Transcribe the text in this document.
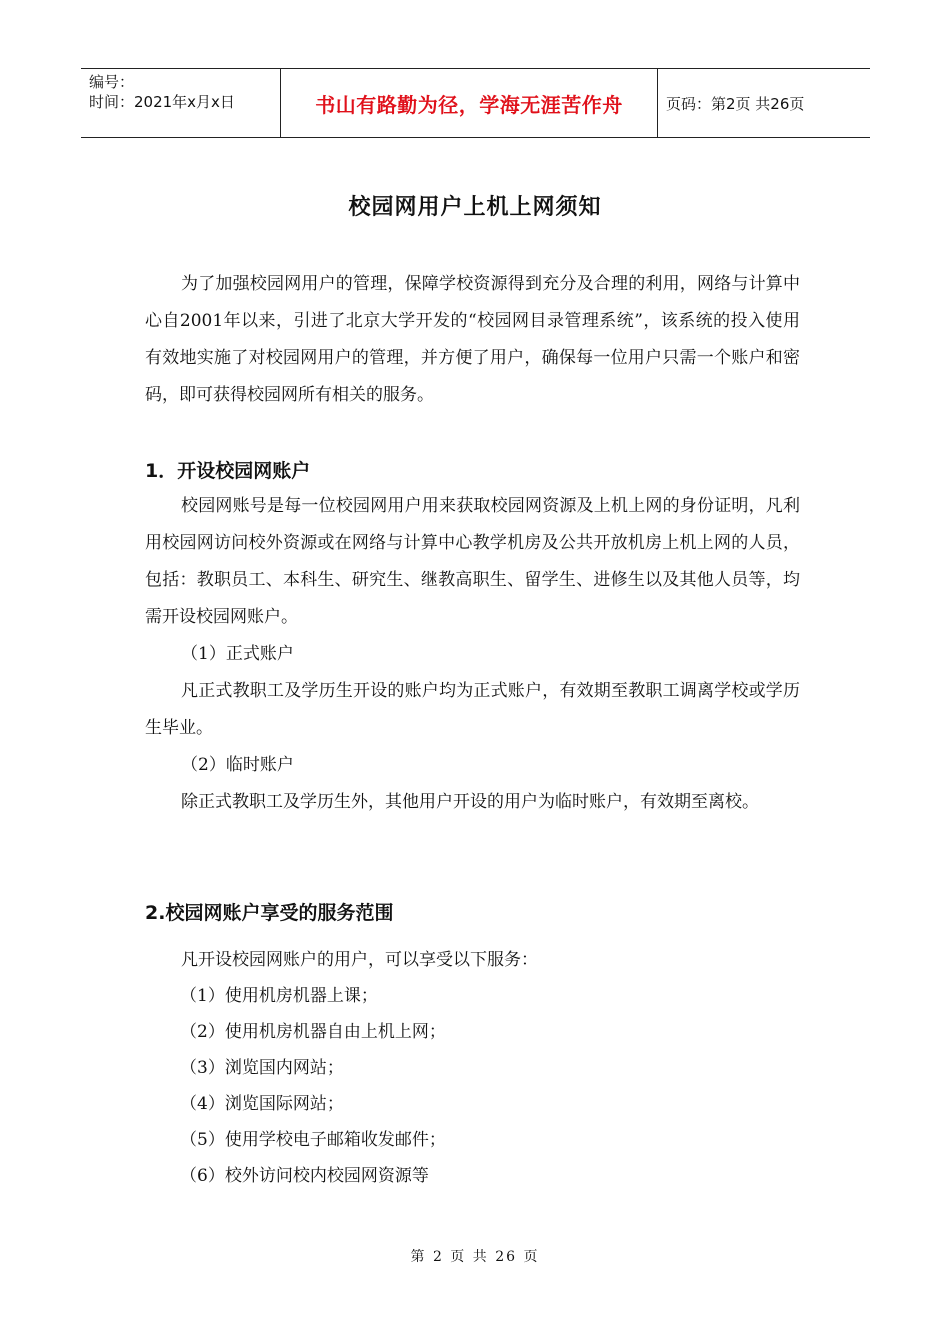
编号：
时间：2021年x月x日	书山有路勤为径，学海无涯苦作舟	页码：第2页 共26页
校园网用户上机上网须知

为了加强校园网用户的管理，保障学校资源得到充分及合理的利用，网络与计算中心自2001年以来，引进了北京大学开发的“校园网目录管理系统”，该系统的投入使用有效地实施了对校园网用户的管理，并方便了用户，确保每一位用户只需一个账户和密码，即可获得校园网所有相关的服务。

1．开设校园网账户

校园网账号是每一位校园网用户用来获取校园网资源及上机上网的身份证明，凡利用校园网访问校外资源或在网络与计算中心教学机房及公共开放机房上机上网的人员，包括：教职员工、本科生、研究生、继教高职生、留学生、进修生以及其他人员等，均需开设校园网账户。

（1）正式账户

凡正式教职工及学历生开设的账户均为正式账户，有效期至教职工调离学校或学历生毕业。

（2）临时账户

除正式教职工及学历生外，其他用户开设的用户为临时账户，有效期至离校。

2.校园网账户享受的服务范围

凡开设校园网账户的用户，可以享受以下服务：

（1）使用机房机器上课；
（2）使用机房机器自由上机上网；
（3）浏览国内网站；
（4）浏览国际网站；
（5）使用学校电子邮箱收发邮件；
（6）校外访问校内校园网资源等
第 2 页 共 26 页
